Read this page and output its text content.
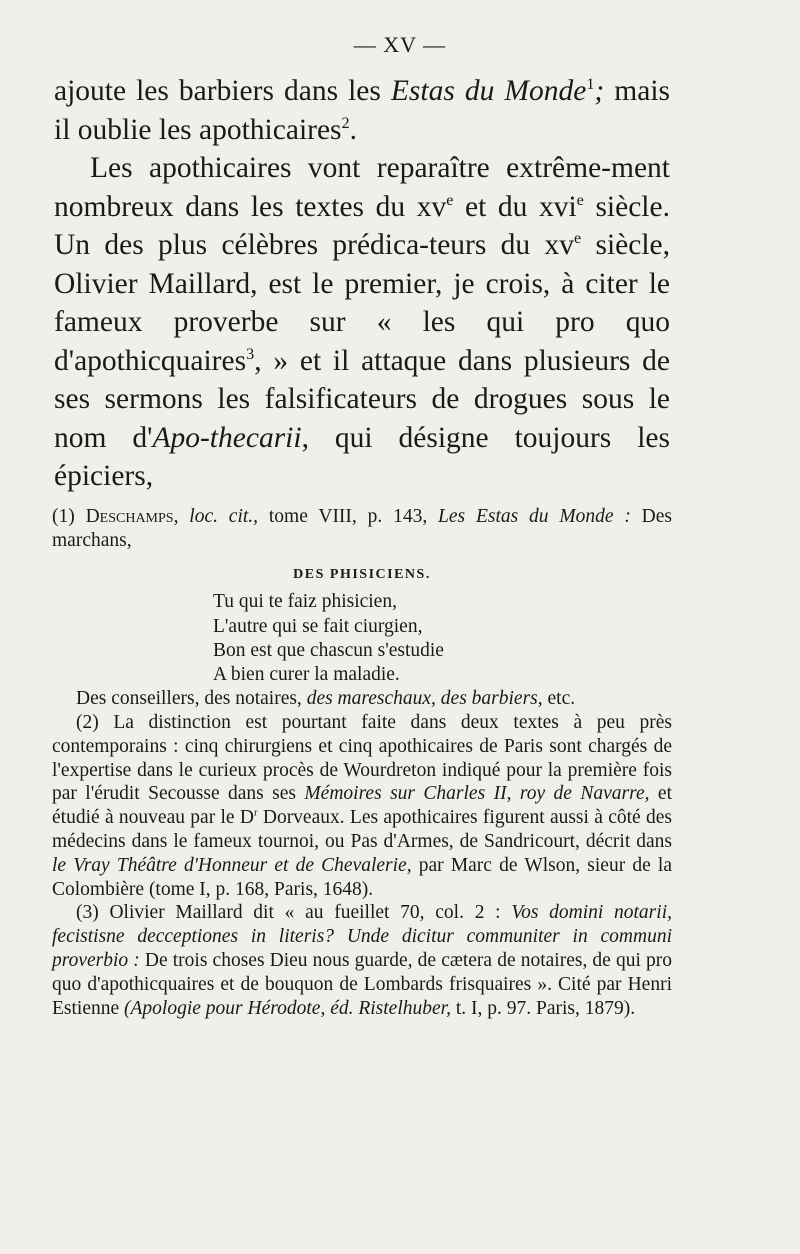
— XV —

ajoute les barbiers dans les Estas du Monde$^1$; mais il oublie les apothicaires$^2$.

Les apothicaires vont reparaître extrême-ment nombreux dans les textes du $xv^e$ et du xvi$^e$ siècle. Un des plus célèbres prédica-teurs du $xv^e$ siècle, Olivier Maillard, est le premier, je crois, à citer le fameux proverbe sur « les qui pro quo d'apothicquaires$^3$, » et il attaque dans plusieurs de ses sermons les falsificateurs de drogues sous le nom d'Apo-thecarii, qui désigne toujours les épiciers,

(1) Deschamps, loc. cit., tome VIII, p. 143, Les Estas du Monde : Des marchans,

DES PHISICIENS.

Tu qui te faiz phisicien,
L'autre qui se fait ciurgien,
Bon est que chascun s'estudie
A bien curer la maladie.

Des conseillers, des notaires, des mareschaux, des barbiers, etc.

(2) La distinction est pourtant faite dans deux textes à peu près contemporains : cinq chirurgiens et cinq apothicaires de Paris sont chargés de l'expertise dans le curieux procès de Wourdreton indiqué pour la première fois par l'érudit Secousse dans ses Mémoires sur Charles II, roy de Navarre, et étudié à nouveau par le $D^r$ Dorveaux. Les apothicaires figurent aussi à côté des médecins dans le fameux tournoi, ou Pas d'Armes, de Sandricourt, décrit dans le Vray Théâtre d'Honneur et de Chevalerie, par Marc de Wlson, sieur de la Colombière (tome I, p. 168, Paris, 1648).

(3) Olivier Maillard dit « au fueillet 70, col. 2 : Vos domini notarii, fecistisne decceptiones in literis? Unde dicitur communiter in communi proverbio : De trois choses Dieu nous guarde, de cætera de notaires, de qui pro quo d'apothicquaires et de bouquon de Lombards frisquaires ». Cité par Henri Estienne (Apologie pour Hérodote, éd. Ristelhuber, t. I, p. 97. Paris, 1879).
